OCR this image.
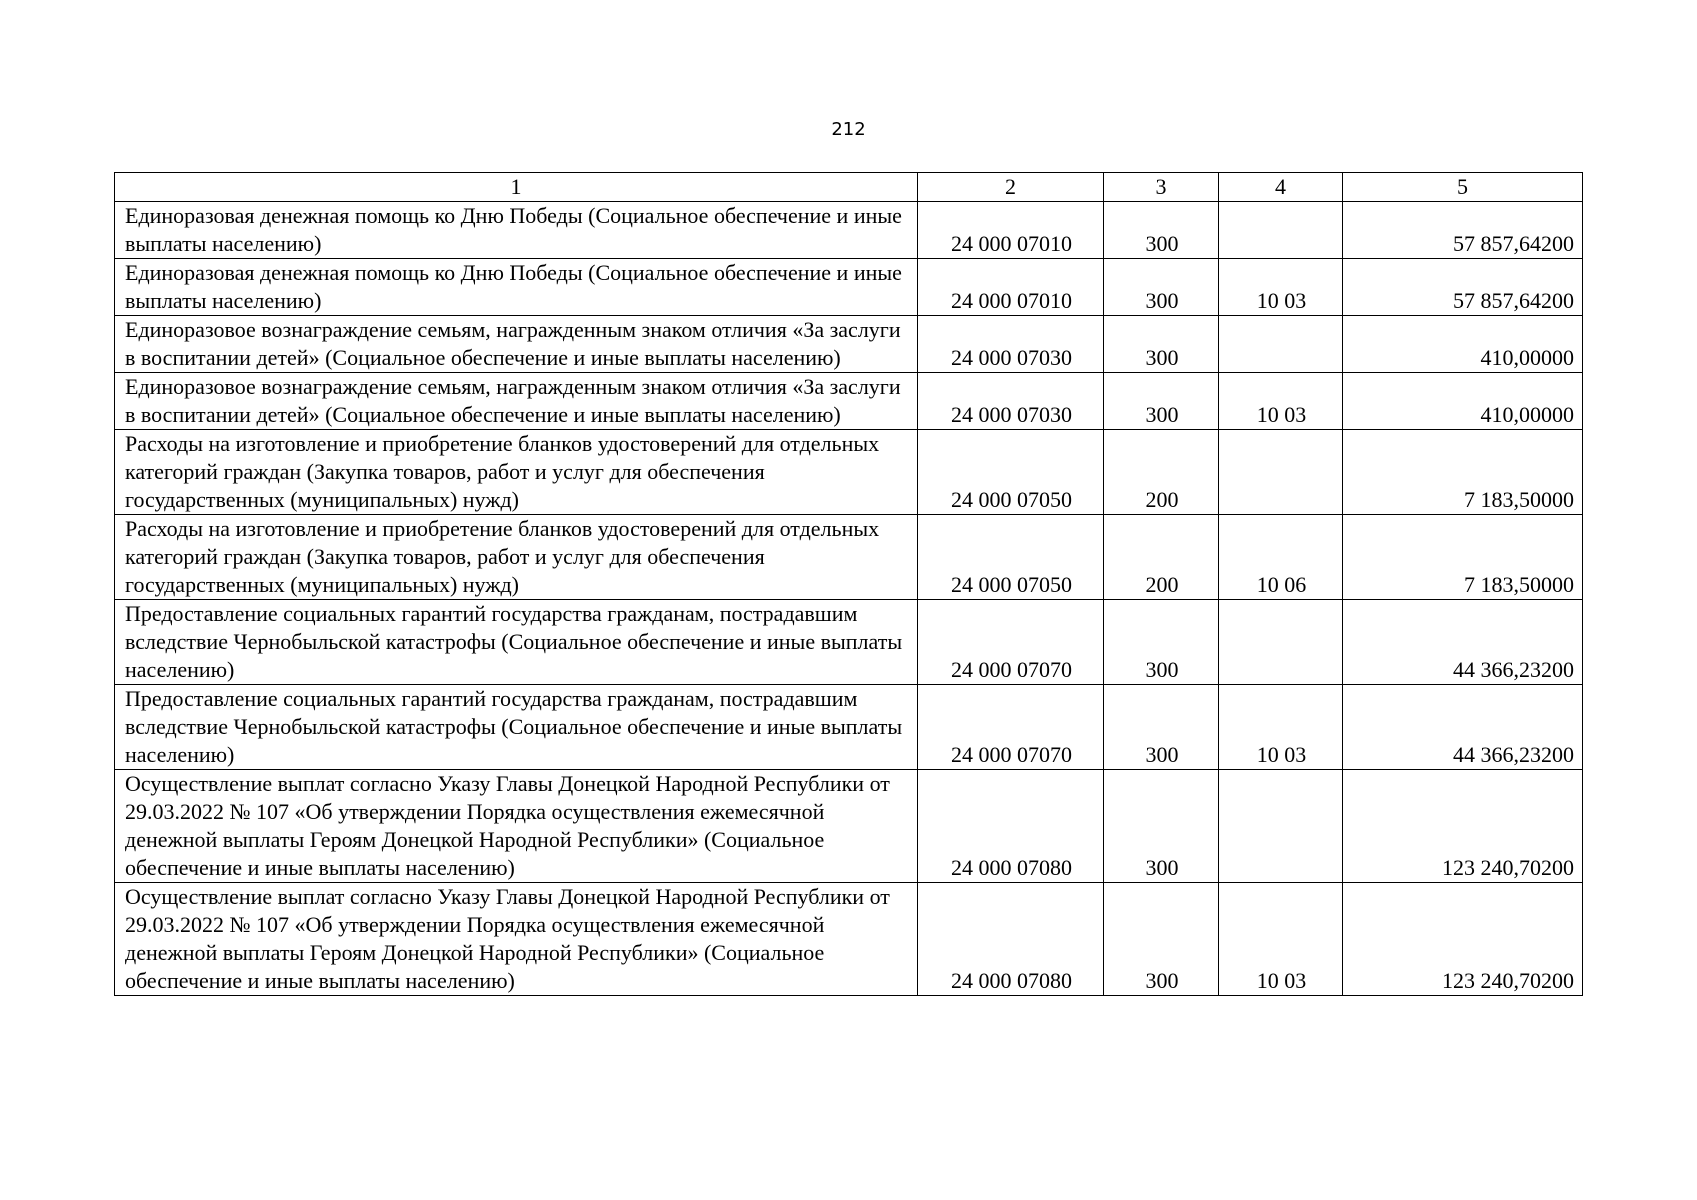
212
1	2	3	4	5
Единоразовая денежная помощь ко Дню Победы (Социальное обеспечение и иные выплаты населению)	24 000 07010	300		57 857,64200
Единоразовая денежная помощь ко Дню Победы (Социальное обеспечение и иные выплаты населению)	24 000 07010	300	10 03	57 857,64200
Единоразовое вознаграждение семьям, награжденным знаком отличия «За заслуги в воспитании детей» (Социальное обеспечение и иные выплаты населению)	24 000 07030	300		410,00000
Единоразовое вознаграждение семьям, награжденным знаком отличия «За заслуги в воспитании детей» (Социальное обеспечение и иные выплаты населению)	24 000 07030	300	10 03	410,00000
Расходы на изготовление и приобретение бланков удостоверений для отдельных категорий граждан (Закупка товаров, работ и услуг для обеспечения государственных (муниципальных) нужд)	24 000 07050	200		7 183,50000
Расходы на изготовление и приобретение бланков удостоверений для отдельных категорий граждан (Закупка товаров, работ и услуг для обеспечения государственных (муниципальных) нужд)	24 000 07050	200	10 06	7 183,50000
Предоставление социальных гарантий государства гражданам, пострадавшим вследствие Чернобыльской катастрофы (Социальное обеспечение и иные выплаты населению)	24 000 07070	300		44 366,23200
Предоставление социальных гарантий государства гражданам, пострадавшим вследствие Чернобыльской катастрофы (Социальное обеспечение и иные выплаты населению)	24 000 07070	300	10 03	44 366,23200
Осуществление выплат согласно Указу Главы Донецкой Народной Республики от 29.03.2022 № 107 «Об утверждении Порядка осуществления ежемесячной денежной выплаты Героям Донецкой Народной Республики» (Социальное обеспечение и иные выплаты населению)	24 000 07080	300		123 240,70200
Осуществление выплат согласно Указу Главы Донецкой Народной Республики от 29.03.2022 № 107 «Об утверждении Порядка осуществления ежемесячной денежной выплаты Героям Донецкой Народной Республики» (Социальное обеспечение и иные выплаты населению)	24 000 07080	300	10 03	123 240,70200
